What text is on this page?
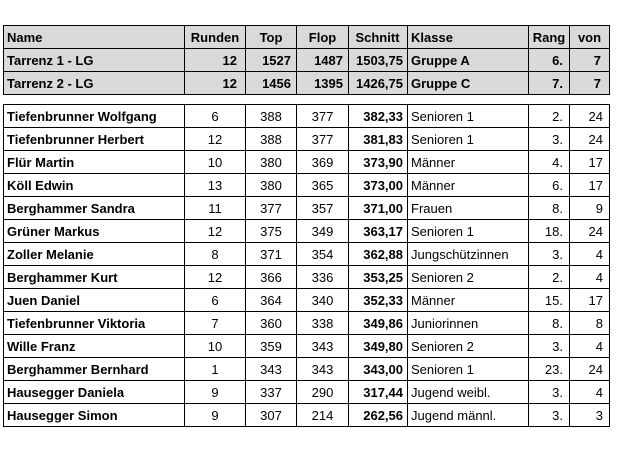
Name	Runden	Top	Flop	Schnitt	Klasse	Rang	von
Tarrenz 1 - LG	12	1527	1487	1503,75	Gruppe A	6.	7
Tarrenz 2 - LG	12	1456	1395	1426,75	Gruppe C	7.	7

Tiefenbrunner Wolfgang	6	388	377	382,33	Senioren 1	2.	24
Tiefenbrunner Herbert	12	388	377	381,83	Senioren 1	3.	24
Flür Martin	10	380	369	373,90	Männer	4.	17
Köll Edwin	13	380	365	373,00	Männer	6.	17
Berghammer Sandra	11	377	357	371,00	Frauen	8.	9
Grüner Markus	12	375	349	363,17	Senioren 1	18.	24
Zoller Melanie	8	371	354	362,88	Jungschützinnen	3.	4
Berghammer Kurt	12	366	336	353,25	Senioren 2	2.	4
Juen Daniel	6	364	340	352,33	Männer	15.	17
Tiefenbrunner Viktoria	7	360	338	349,86	Juniorinnen	8.	8
Wille Franz	10	359	343	349,80	Senioren 2	3.	4
Berghammer Bernhard	1	343	343	343,00	Senioren 1	23.	24
Hausegger Daniela	9	337	290	317,44	Jugend weibl.	3.	4
Hausegger Simon	9	307	214	262,56	Jugend männl.	3.	3
